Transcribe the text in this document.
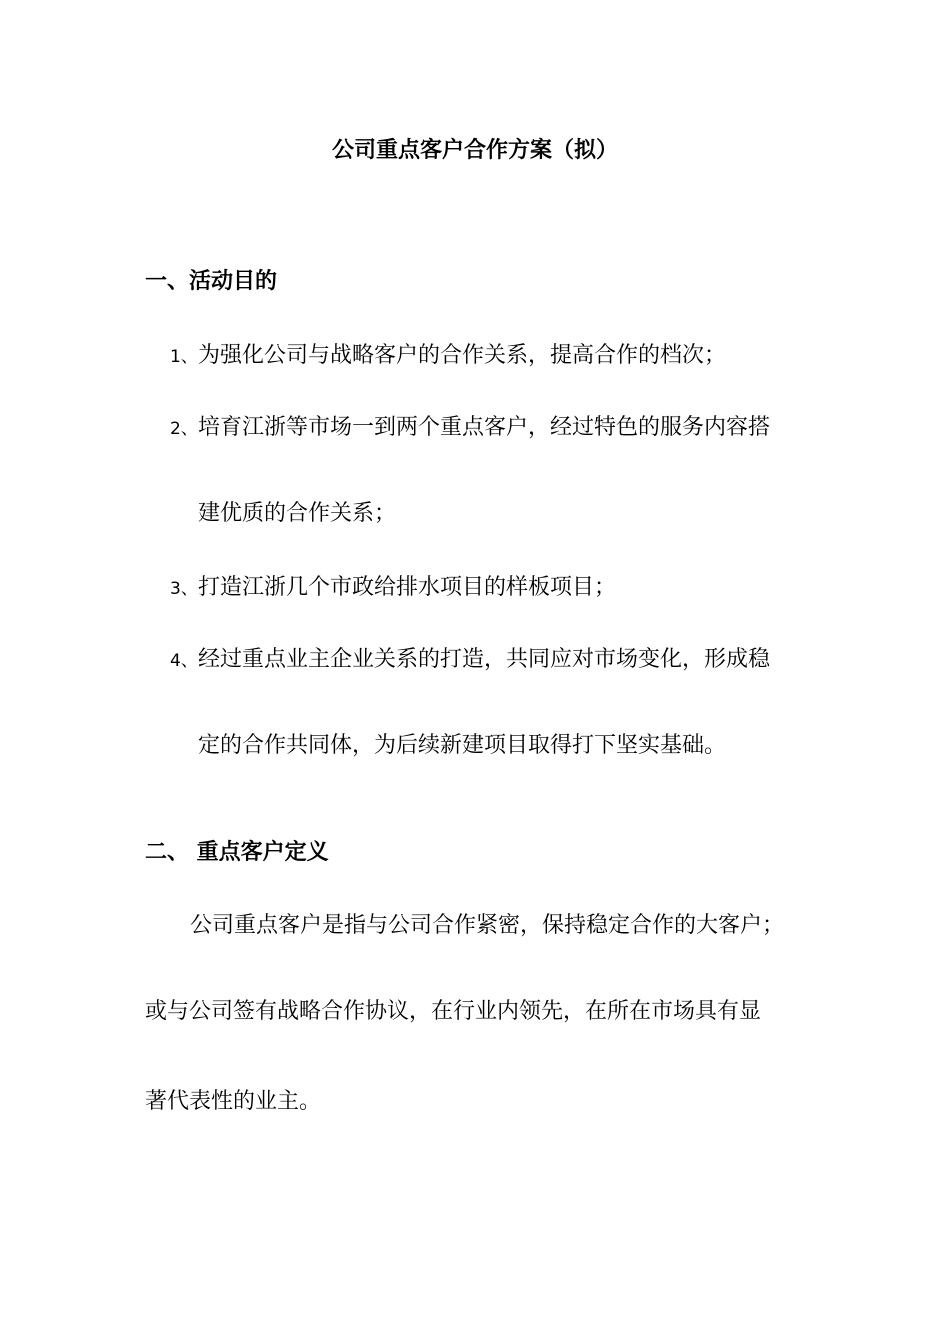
公司重点客户合作方案（拟）
一、活动目的
1、为强化公司与战略客户的合作关系，提高合作的档次；
2、培育江浙等市场一到两个重点客户，经过特色的服务内容搭
建优质的合作关系；
3、打造江浙几个市政给排水项目的样板项目；
4、经过重点业主企业关系的打造，共同应对市场变化，形成稳
定的合作共同体，为后续新建项目取得打下坚实基础。
二、 重点客户定义
公司重点客户是指与公司合作紧密，保持稳定合作的大客户；
或与公司签有战略合作协议，在行业内领先，在所在市场具有显
著代表性的业主。
